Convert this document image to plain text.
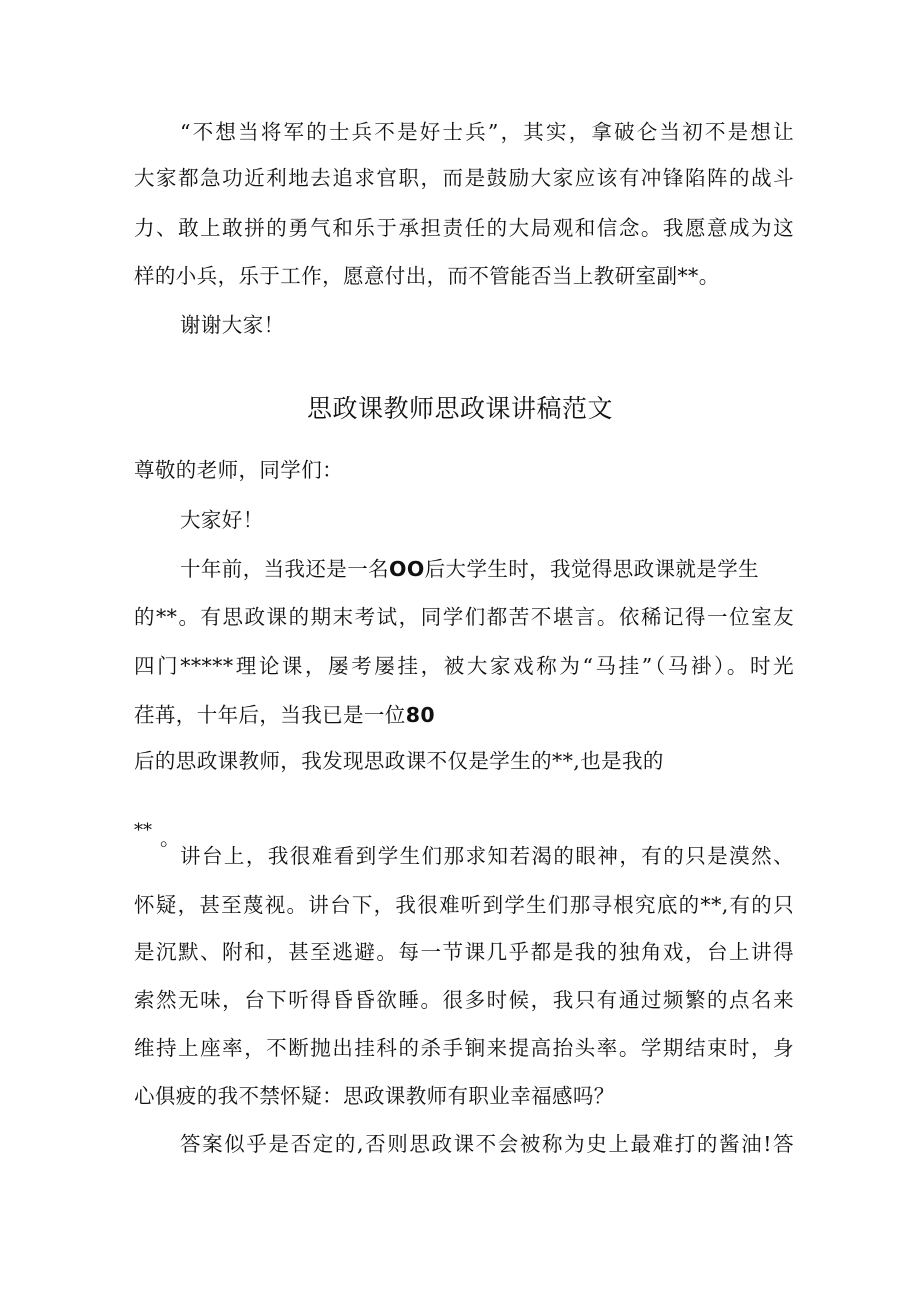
“不想当将军的士兵不是好士兵”，其实，拿破仑当初不是想让
大家都急功近利地去追求官职，而是鼓励大家应该有冲锋陷阵的战斗
力、敢上敢拼的勇气和乐于承担责任的大局观和信念。我愿意成为这
样的小兵，乐于工作，愿意付出，而不管能否当上教研室副**。
谢谢大家！
思政课教师思政课讲稿范文
尊敬的老师，同学们：
大家好！
十年前，当我还是一名OO后大学生时，我觉得思政课就是学生
的**。有思政课的期末考试，同学们都苦不堪言。依稀记得一位室友
四门*****理论课，屡考屡挂，被大家戏称为“马挂”（马褂）。时光
荏苒，十年后，当我已是一位80
后的思政课教师，我发现思政课不仅是学生的**,也是我的
** 。
讲台上，我很难看到学生们那求知若渴的眼神，有的只是漠然、
怀疑，甚至蔑视。讲台下，我很难听到学生们那寻根究底的**,有的只
是沉默、附和，甚至逃避。每一节课几乎都是我的独角戏，台上讲得
索然无味，台下听得昏昏欲睡。很多时候，我只有通过频繁的点名来
维持上座率，不断抛出挂科的杀手锏来提高抬头率。学期结束时，身
心俱疲的我不禁怀疑：思政课教师有职业幸福感吗？
答案似乎是否定的,否则思政课不会被称为史上最难打的酱油!答
